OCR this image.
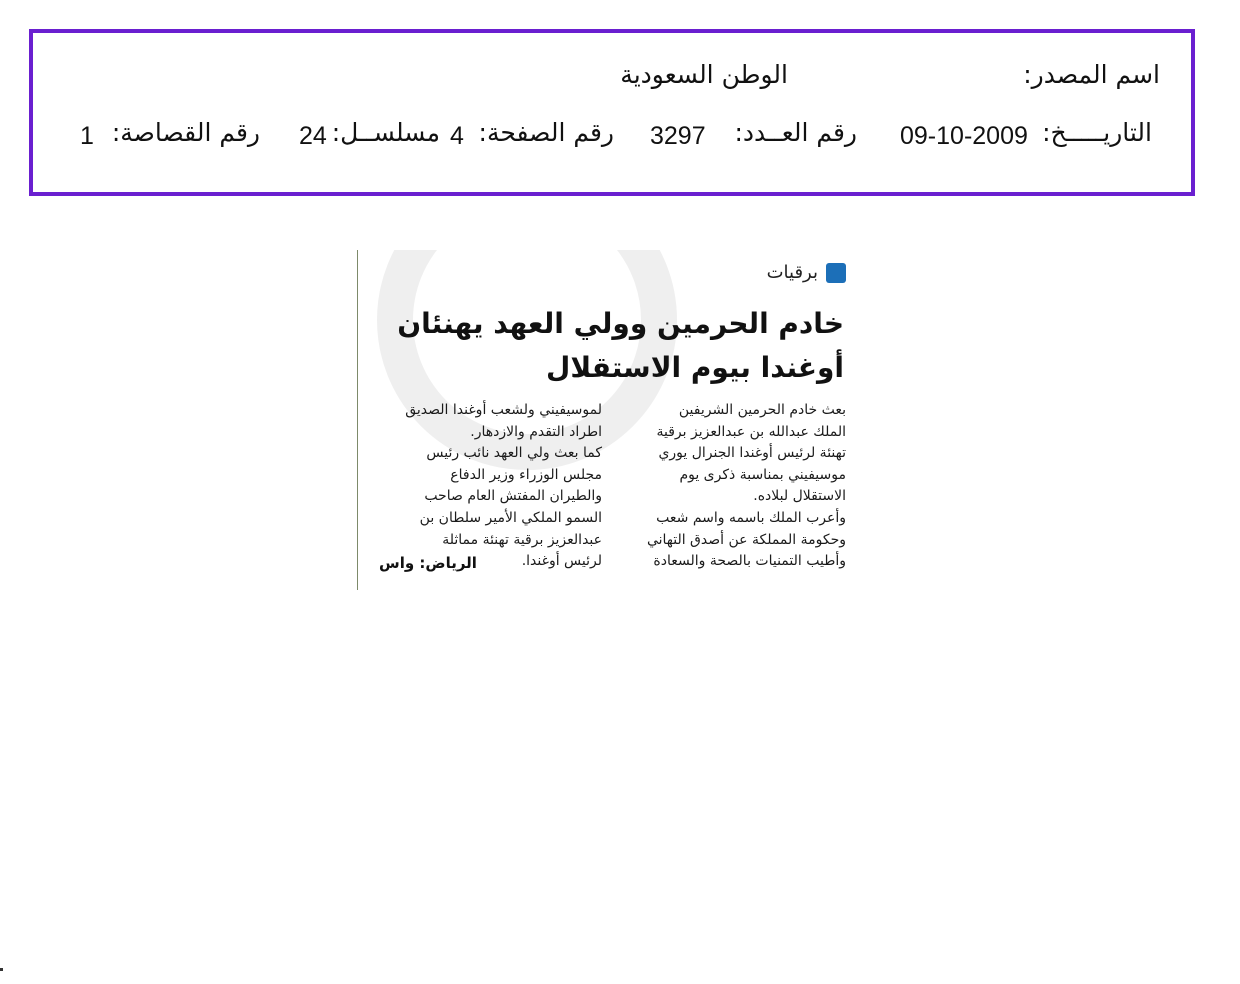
اسم المصدر:
الوطن السعودية
التاريـــــخ:
09-10-2009
رقم العــدد:
3297
رقم الصفحة:
4
مسلســل:
24
رقم القصاصة:
1
برقيات
خادم الحرمين وولي العهد يهنئان
أوغندا بيوم الاستقلال

بعث خادم الحرمين الشريفين

الملك عبدالله بن عبدالعزيز برقية

تهنئة لرئيس أوغندا الجنرال يوري

موسيفيني بمناسبة ذكرى يوم

الاستقلال لبلاده.

وأعرب الملك باسمه واسم شعب

وحكومة المملكة عن أصدق التهاني

وأطيب التمنيات بالصحة والسعادة

لموسيفيني ولشعب أوغندا الصديق

اطراد التقدم والازدهار.

كما بعث ولي العهد نائب رئيس

مجلس الوزراء وزير الدفاع

والطيران المفتش العام صاحب

السمو الملكي الأمير سلطان بن

عبدالعزيز برقية تهنئة مماثلة

لرئيس أوغندا.

الرياض: واس
